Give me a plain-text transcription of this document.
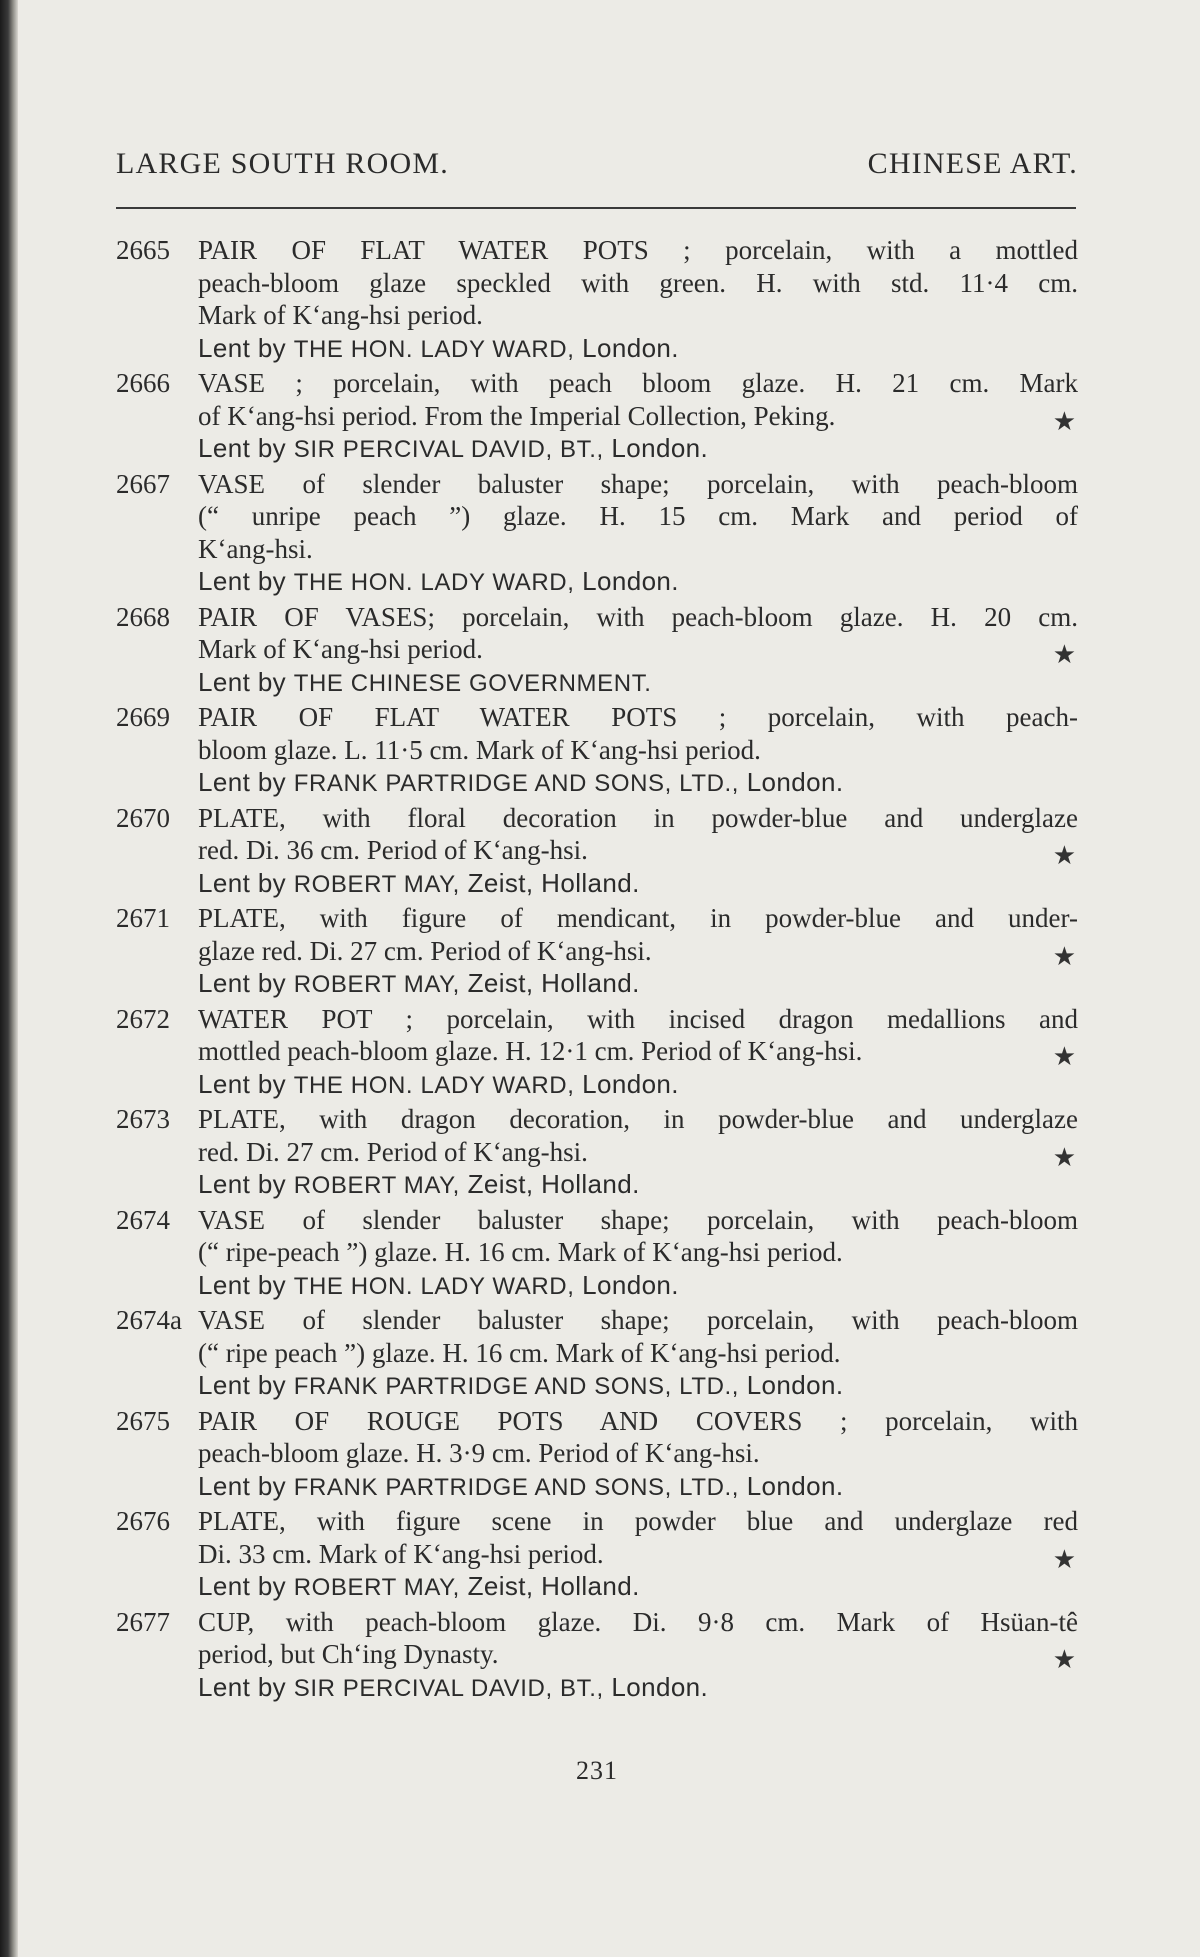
LARGE SOUTH ROOM.	CHINESE ART.
2665 PAIR OF FLAT WATER POTS ; porcelain, with a mottled
peach-bloom glaze speckled with green. H. with std. 11·4 cm.
Mark of K‘ang-hsi period.
Lent by THE HON. LADY WARD, London.
2666 VASE ; porcelain, with peach bloom glaze. H. 21 cm. Mark
of K‘ang-hsi period. From the Imperial Collection, Peking.
Lent by SIR PERCIVAL DAVID, BT., London.
★
2667 VASE of slender baluster shape; porcelain, with peach-bloom
(“ unripe peach ”) glaze. H. 15 cm. Mark and period of
K‘ang-hsi.
Lent by THE HON. LADY WARD, London.
2668 PAIR OF VASES; porcelain, with peach-bloom glaze. H. 20 cm.
Mark of K‘ang-hsi period.
Lent by THE CHINESE GOVERNMENT.
★
2669 PAIR OF FLAT WATER POTS ; porcelain, with peach-
bloom glaze. L. 11·5 cm. Mark of K‘ang-hsi period.
Lent by FRANK PARTRIDGE AND SONS, LTD., London.
2670 PLATE, with floral decoration in powder-blue and underglaze
red. Di. 36 cm. Period of K‘ang-hsi.
Lent by ROBERT MAY, Zeist, Holland.
★
2671 PLATE, with figure of mendicant, in powder-blue and under-
glaze red. Di. 27 cm. Period of K‘ang-hsi.
Lent by ROBERT MAY, Zeist, Holland.
★
2672 WATER POT ; porcelain, with incised dragon medallions and
mottled peach-bloom glaze. H. 12·1 cm. Period of K‘ang-hsi.
Lent by THE HON. LADY WARD, London.
★
2673 PLATE, with dragon decoration, in powder-blue and underglaze
red. Di. 27 cm. Period of K‘ang-hsi.
Lent by ROBERT MAY, Zeist, Holland.
★
2674 VASE of slender baluster shape; porcelain, with peach-bloom
(“ ripe-peach ”) glaze. H. 16 cm. Mark of K‘ang-hsi period.
Lent by THE HON. LADY WARD, London.
2674a VASE of slender baluster shape; porcelain, with peach-bloom
(“ ripe peach ”) glaze. H. 16 cm. Mark of K‘ang-hsi period.
Lent by FRANK PARTRIDGE AND SONS, LTD., London.
2675 PAIR OF ROUGE POTS AND COVERS ; porcelain, with
peach-bloom glaze. H. 3·9 cm. Period of K‘ang-hsi.
Lent by FRANK PARTRIDGE AND SONS, LTD., London.
2676 PLATE, with figure scene in powder blue and underglaze red
Di. 33 cm. Mark of K‘ang-hsi period.
Lent by ROBERT MAY, Zeist, Holland.
★
2677 CUP, with peach-bloom glaze. Di. 9·8 cm. Mark of Hsüan-tê
period, but Ch‘ing Dynasty.
Lent by SIR PERCIVAL DAVID, BT., London.
★
231
